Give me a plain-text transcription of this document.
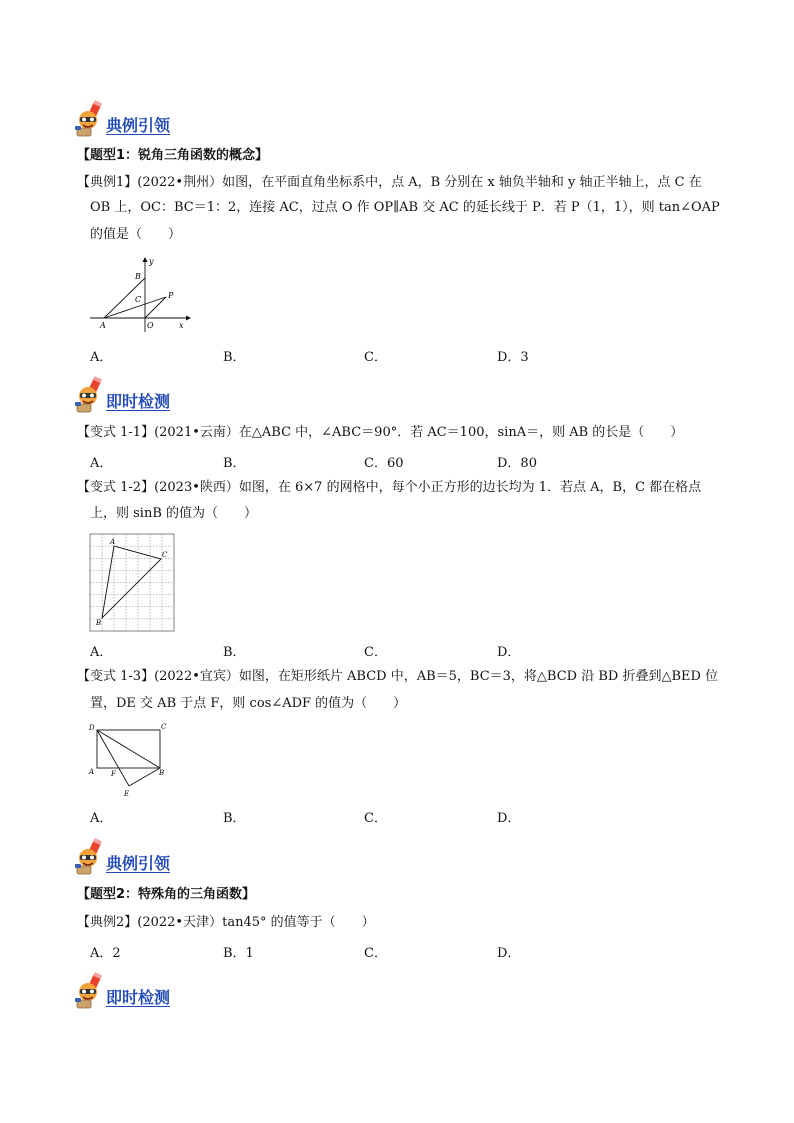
典例引领
【题型1：锐角三角函数的概念】
【典例1】(2022•荆州）如图，在平面直角坐标系中，点 A，B 分别在 x 轴负半轴和 y 轴正半轴上，点 C 在
OB 上，OC：BC＝1：2，连接 AC，过点 O 作 OP∥AB 交 AC 的延长线于 P．若 P（1，1），则 tan∠OAP
的值是（　　）
y
B
P
C
A	O	x
A．	B．	C．	D．3
即时检测
【变式 1-1】(2021•云南）在△ABC 中，∠ABC＝90°．若 AC＝100，sinA＝，则 AB 的长是（　　）
A．	B．	C．60	D．80
【变式 1-2】(2023•陕西）如图，在 6×7 的网格中，每个小正方形的边长均为 1．若点 A，B，C 都在格点
上，则 sinB 的值为（　　）
A
C
B
A．	B．	C．	D．
【变式 1-3】(2022•宜宾）如图，在矩形纸片 ABCD 中，AB＝5，BC＝3，将△BCD 沿 BD 折叠到△BED 位
置，DE 交 AB 于点 F，则 cos∠ADF 的值为（　　）
D	C
A F	B
E
A．	B．	C．	D．
典例引领
【题型2：特殊角的三角函数】
【典例2】(2022•天津）tan45° 的值等于（　　）
A．2	B．1	C．	D．
即时检测
